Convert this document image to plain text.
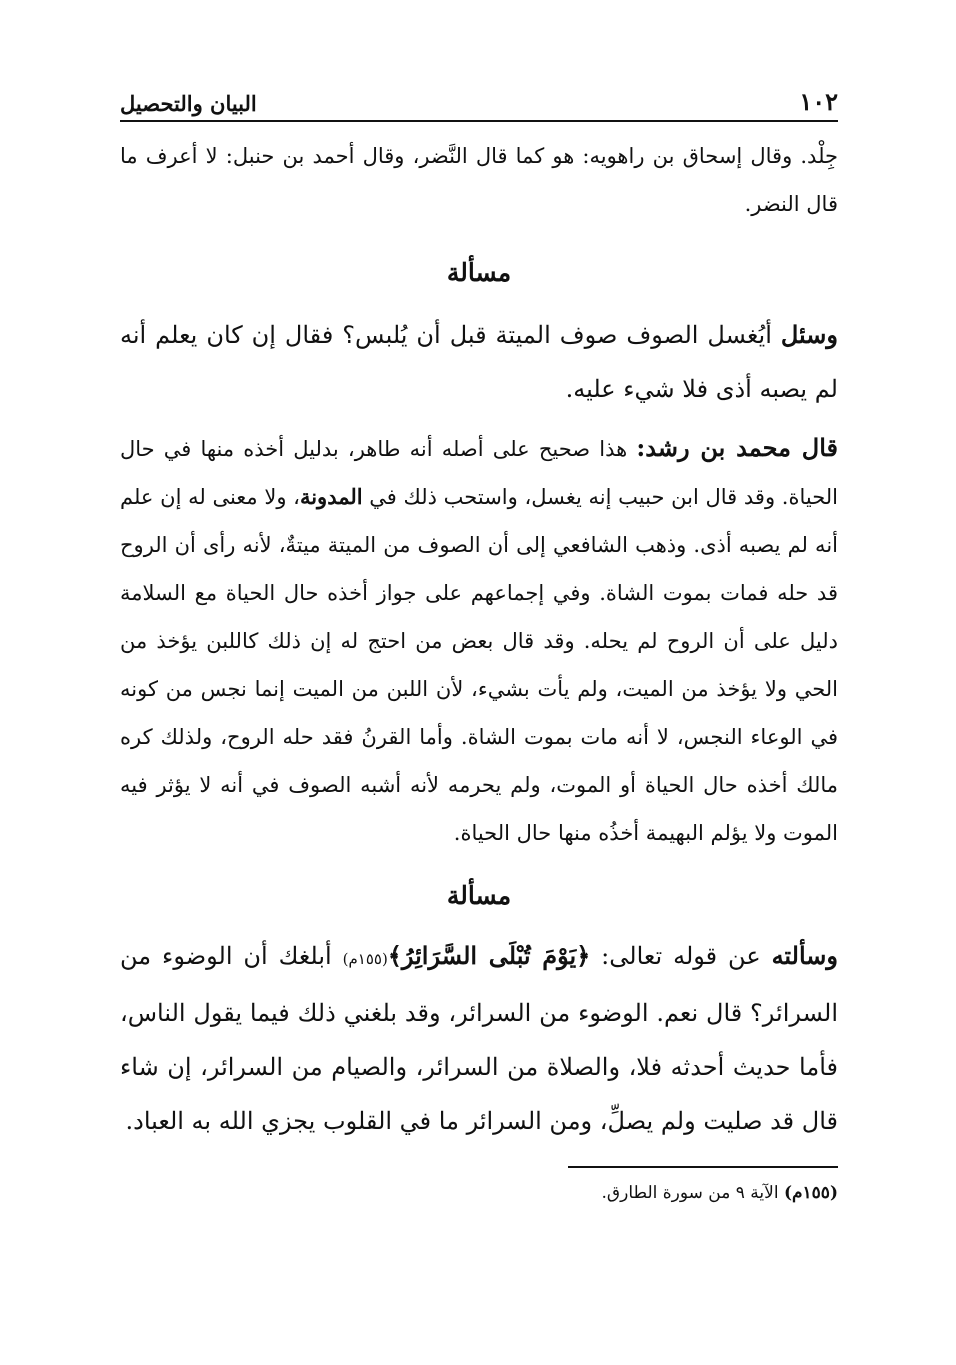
١٠٢
البيان والتحصيل

جِلْد. وقال إسحاق بن راهويه: هو كما قال النَّضر، وقال أحمد بن حنبل: لا أعرف ما قال النضر.

مسألة

وسئل أيُغسل الصوف صوف الميتة قبل أن يُلبس؟ فقال إن كان يعلم أنه لم يصبه أذى فلا شيء عليه.

قال محمد بن رشد: هذا صحيح على أصله أنه طاهر، بدليل أخذه منها في حال الحياة. وقد قال ابن حبيب إنه يغسل، واستحب ذلك في المدونة، ولا معنى له إن علم أنه لم يصبه أذى. وذهب الشافعي إلى أن الصوف من الميتة ميتةٌ، لأنه رأى أن الروح قد حله فمات بموت الشاة. وفي إجماعهم على جواز أخذه حال الحياة مع السلامة دليل على أن الروح لم يحله. وقد قال بعض من احتج له إن ذلك كاللبن يؤخذ من الحي ولا يؤخذ من الميت، ولم يأت بشيء، لأن اللبن من الميت إنما نجس من كونه في الوعاء النجس، لا أنه مات بموت الشاة. وأما القرنُ فقد حله الروح، ولذلك كره مالك أخذه حال الحياة أو الموت، ولم يحرمه لأنه أشبه الصوف في أنه لا يؤثر فيه الموت ولا يؤلم البهيمة أخذُه منها حال الحياة.

مسألة

وسألته عن قوله تعالى: ﴿يَوْمَ تُبْلَى السَّرَائِرُ﴾(١٥٥م) أبلغك أن الوضوء من السرائر؟ قال نعم. الوضوء من السرائر، وقد بلغني ذلك فيما يقول الناس، فأما حديث أحدثه فلا، والصلاة من السرائر، والصيام من السرائر، إن شاء قال قد صليت ولم يصلِّ، ومن السرائر ما في القلوب يجزي الله به العباد.

(١٥٥م) الآية ٩ من سورة الطارق.
